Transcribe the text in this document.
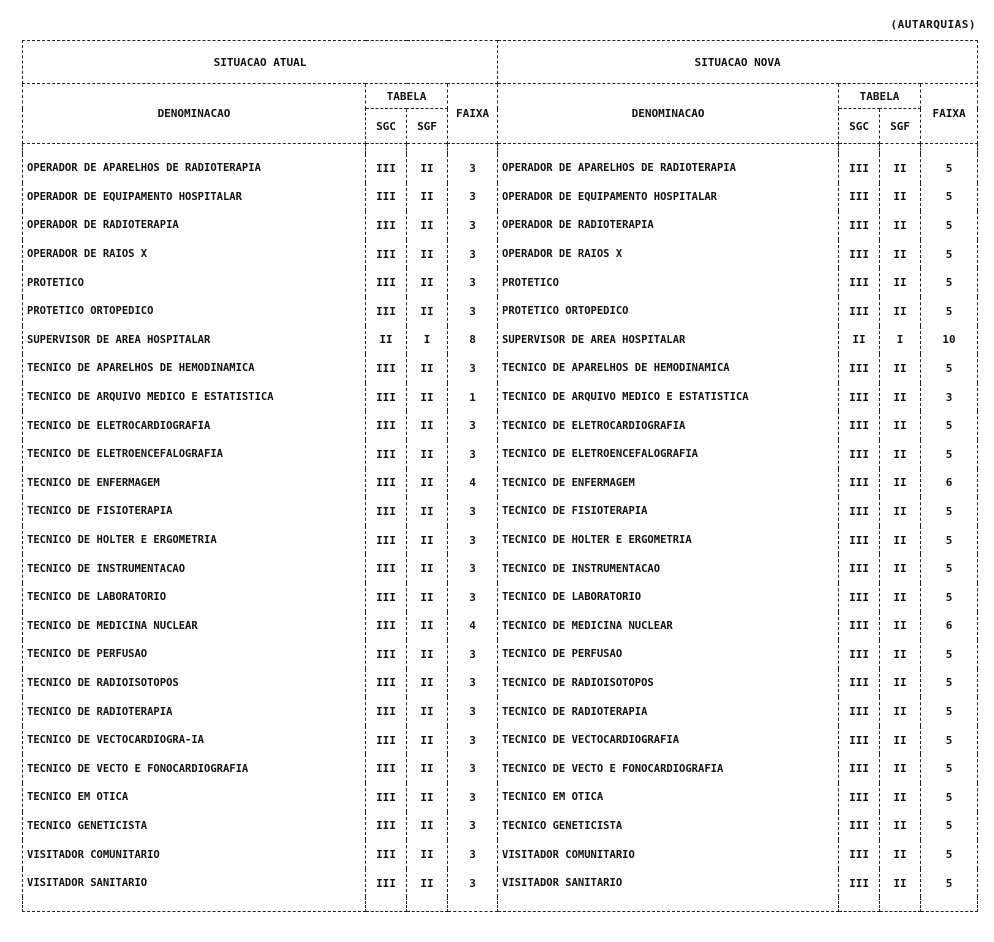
(AUTARQUIAS)
SITUACAO ATUAL				SITUACAO NOVA			
DENOMINACAO	TABELA		FAIXA	DENOMINACAO	TABELA		FAIXA
	SGC	SGF			SGC	SGF	

OPERADOR DE APARELHOS DE RADIOTERAPIA	III	II	3	OPERADOR DE APARELHOS DE RADIOTERAPIA	III	II	5
OPERADOR DE EQUIPAMENTO HOSPITALAR	III	II	3	OPERADOR DE EQUIPAMENTO HOSPITALAR	III	II	5
OPERADOR DE RADIOTERAPIA	III	II	3	OPERADOR DE RADIOTERAPIA	III	II	5
OPERADOR DE RAIOS X	III	II	3	OPERADOR DE RAIOS X	III	II	5
PROTETICO	III	II	3	PROTETICO	III	II	5
PROTETICO ORTOPEDICO	III	II	3	PROTETICO ORTOPEDICO	III	II	5
SUPERVISOR DE AREA HOSPITALAR	II	I	8	SUPERVISOR DE AREA HOSPITALAR	II	I	10
TECNICO DE APARELHOS DE HEMODINAMICA	III	II	3	TECNICO DE APARELHOS DE HEMODINAMICA	III	II	5
TECNICO DE ARQUIVO MEDICO E ESTATISTICA	III	II	1	TECNICO DE ARQUIVO MEDICO E ESTATISTICA	III	II	3
TECNICO DE ELETROCARDIOGRAFIA	III	II	3	TECNICO DE ELETROCARDIOGRAFIA	III	II	5
TECNICO DE ELETROENCEFALOGRAFIA	III	II	3	TECNICO DE ELETROENCEFALOGRAFIA	III	II	5
TECNICO DE ENFERMAGEM	III	II	4	TECNICO DE ENFERMAGEM	III	II	6
TECNICO DE FISIOTERAPIA	III	II	3	TECNICO DE FISIOTERAPIA	III	II	5
TECNICO DE HOLTER E ERGOMETRIA	III	II	3	TECNICO DE HOLTER E ERGOMETRIA	III	II	5
TECNICO DE INSTRUMENTACAO	III	II	3	TECNICO DE INSTRUMENTACAO	III	II	5
TECNICO DE LABORATORIO	III	II	3	TECNICO DE LABORATORIO	III	II	5
TECNICO DE MEDICINA NUCLEAR	III	II	4	TECNICO DE MEDICINA NUCLEAR	III	II	6
TECNICO DE PERFUSAO	III	II	3	TECNICO DE PERFUSAO	III	II	5
TECNICO DE RADIOISOTOPOS	III	II	3	TECNICO DE RADIOISOTOPOS	III	II	5
TECNICO DE RADIOTERAPIA	III	II	3	TECNICO DE RADIOTERAPIA	III	II	5
TECNICO DE VECTOCARDIOGRA-IA	III	II	3	TECNICO DE VECTOCARDIOGRAFIA	III	II	5
TECNICO DE VECTO E FONOCARDIOGRAFIA	III	II	3	TECNICO DE VECTO E FONOCARDIOGRAFIA	III	II	5
TECNICO EM OTICA	III	II	3	TECNICO EM OTICA	III	II	5
TECNICO GENETICISTA	III	II	3	TECNICO GENETICISTA	III	II	5
VISITADOR COMUNITARIO	III	II	3	VISITADOR COMUNITARIO	III	II	5
VISITADOR SANITARIO	III	II	3	VISITADOR SANITARIO	III	II	5
